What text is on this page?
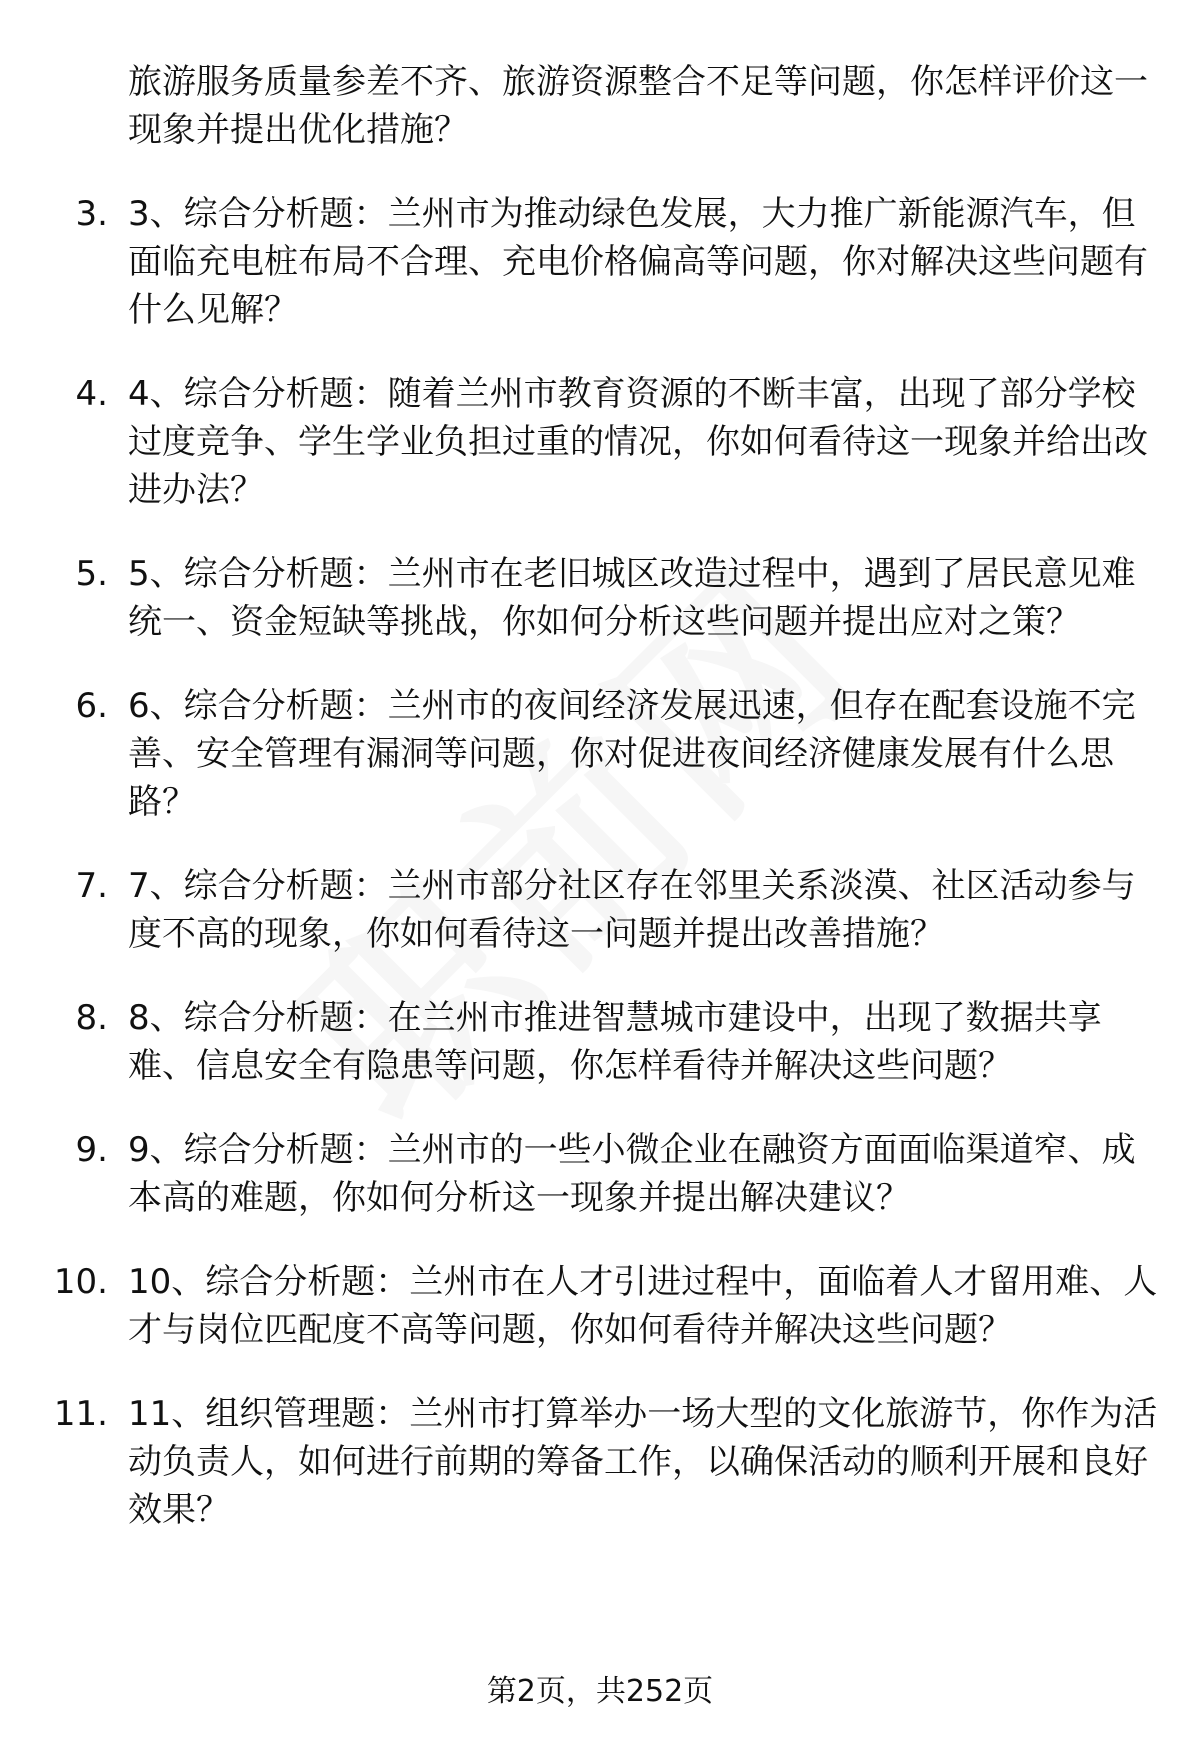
旅游服务质量参差不齐、旅游资源整合不足等问题，你怎样评价这一现象并提出优化措施？

3. 3、综合分析题：兰州市为推动绿色发展，大力推广新能源汽车，但面临充电桩布局不合理、充电价格偏高等问题，你对解决这些问题有什么见解？
4. 4、综合分析题：随着兰州市教育资源的不断丰富，出现了部分学校过度竞争、学生学业负担过重的情况，你如何看待这一现象并给出改进办法？
5. 5、综合分析题：兰州市在老旧城区改造过程中，遇到了居民意见难统一、资金短缺等挑战，你如何分析这些问题并提出应对之策？
6. 6、综合分析题：兰州市的夜间经济发展迅速，但存在配套设施不完善、安全管理有漏洞等问题，你对促进夜间经济健康发展有什么思路？
7. 7、综合分析题：兰州市部分社区存在邻里关系淡漠、社区活动参与度不高的现象，你如何看待这一问题并提出改善措施？
8. 8、综合分析题：在兰州市推进智慧城市建设中，出现了数据共享难、信息安全有隐患等问题，你怎样看待并解决这些问题？
9. 9、综合分析题：兰州市的一些小微企业在融资方面面临渠道窄、成本高的难题，你如何分析这一现象并提出解决建议？
10. 10、综合分析题：兰州市在人才引进过程中，面临着人才留用难、人才与岗位匹配度不高等问题，你如何看待并解决这些问题？
11. 11、组织管理题：兰州市打算举办一场大型的文化旅游节，你作为活动负责人，如何进行前期的筹备工作，以确保活动的顺利开展和良好效果？
第2页，共252页
